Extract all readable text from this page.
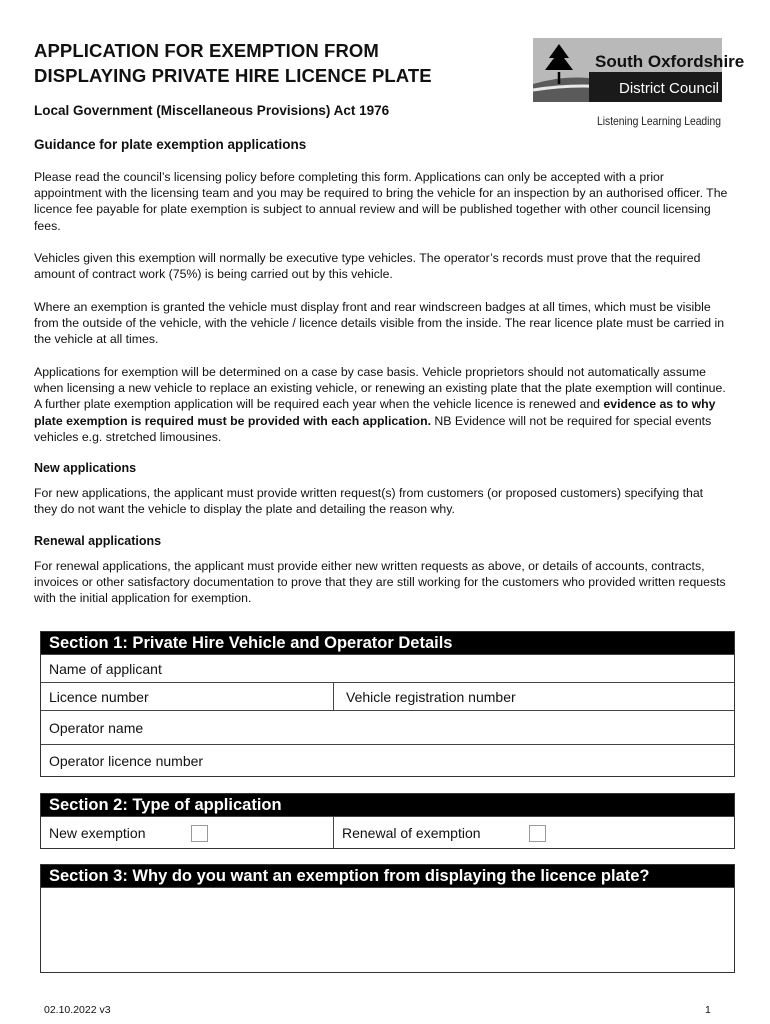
APPLICATION FOR EXEMPTION FROM
DISPLAYING PRIVATE HIRE LICENCE PLATE
South Oxfordshire
District Council
Listening Learning Leading
Local Government (Miscellaneous Provisions) Act 1976
Guidance for plate exemption applications
Please read the council’s licensing policy before completing this form. Applications can only be accepted with a prior appointment with the licensing team and you may be required to bring the vehicle for an inspection by an authorised officer. The licence fee payable for plate exemption is subject to annual review and will be published together with other council licensing fees.
Vehicles given this exemption will normally be executive type vehicles. The operator’s records must prove that the required amount of contract work (75%) is being carried out by this vehicle.
Where an exemption is granted the vehicle must display front and rear windscreen badges at all times, which must be visible from the outside of the vehicle, with the vehicle / licence details visible from the inside. The rear licence plate must be carried in the vehicle at all times.
Applications for exemption will be determined on a case by case basis. Vehicle proprietors should not automatically assume when licensing a new vehicle to replace an existing vehicle, or renewing an existing plate that the plate exemption will continue. A further plate exemption application will be required each year when the vehicle licence is renewed and evidence as to why plate exemption is required must be provided with each application. NB Evidence will not be required for special events vehicles e.g. stretched limousines.
New applications
For new applications, the applicant must provide written request(s) from customers (or proposed customers) specifying that they do not want the vehicle to display the plate and detailing the reason why.
Renewal applications
For renewal applications, the applicant must provide either new written requests as above, or details of accounts, contracts, invoices or other satisfactory documentation to prove that they are still working for the customers who provided written requests with the initial application for exemption.
Section 1: Private Hire Vehicle and Operator Details
Name of applicant
Licence number	Vehicle registration number
Operator name
Operator licence number
Section 2: Type of application
New exemption	Renewal of exemption
Section 3: Why do you want an exemption from displaying the licence plate?
02.10.2022 v3	1
